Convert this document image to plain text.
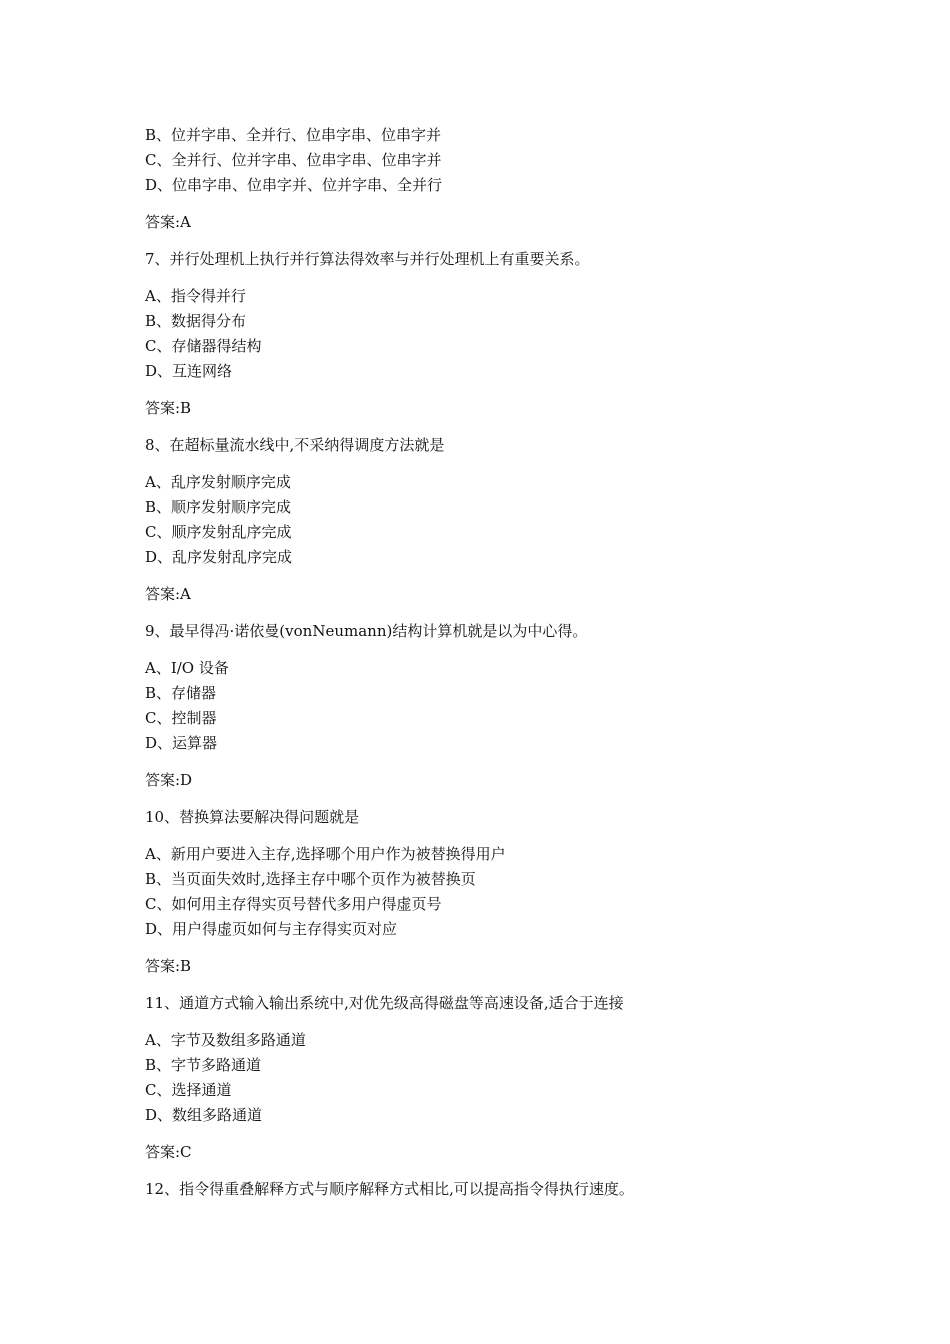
B、位并字串、全并行、位串字串、位串字并
C、全并行、位并字串、位串字串、位串字并
D、位串字串、位串字并、位并字串、全并行
答案:A
7、并行处理机上执行并行算法得效率与并行处理机上有重要关系。
A、指令得并行
B、数据得分布
C、存储器得结构
D、互连网络
答案:B
8、在超标量流水线中,不采纳得调度方法就是
A、乱序发射顺序完成
B、顺序发射顺序完成
C、顺序发射乱序完成
D、乱序发射乱序完成
答案:A
9、最早得冯·诺依曼(vonNeumann)结构计算机就是以为中心得。
A、I/O 设备
B、存储器
C、控制器
D、运算器
答案:D
10、替换算法要解决得问题就是
A、新用户要进入主存,选择哪个用户作为被替换得用户
B、当页面失效时,选择主存中哪个页作为被替换页
C、如何用主存得实页号替代多用户得虚页号
D、用户得虚页如何与主存得实页对应
答案:B
11、通道方式输入输出系统中,对优先级高得磁盘等高速设备,适合于连接
A、字节及数组多路通道
B、字节多路通道
C、选择通道
D、数组多路通道
答案:C
12、指令得重叠解释方式与顺序解释方式相比,可以提高指令得执行速度。
